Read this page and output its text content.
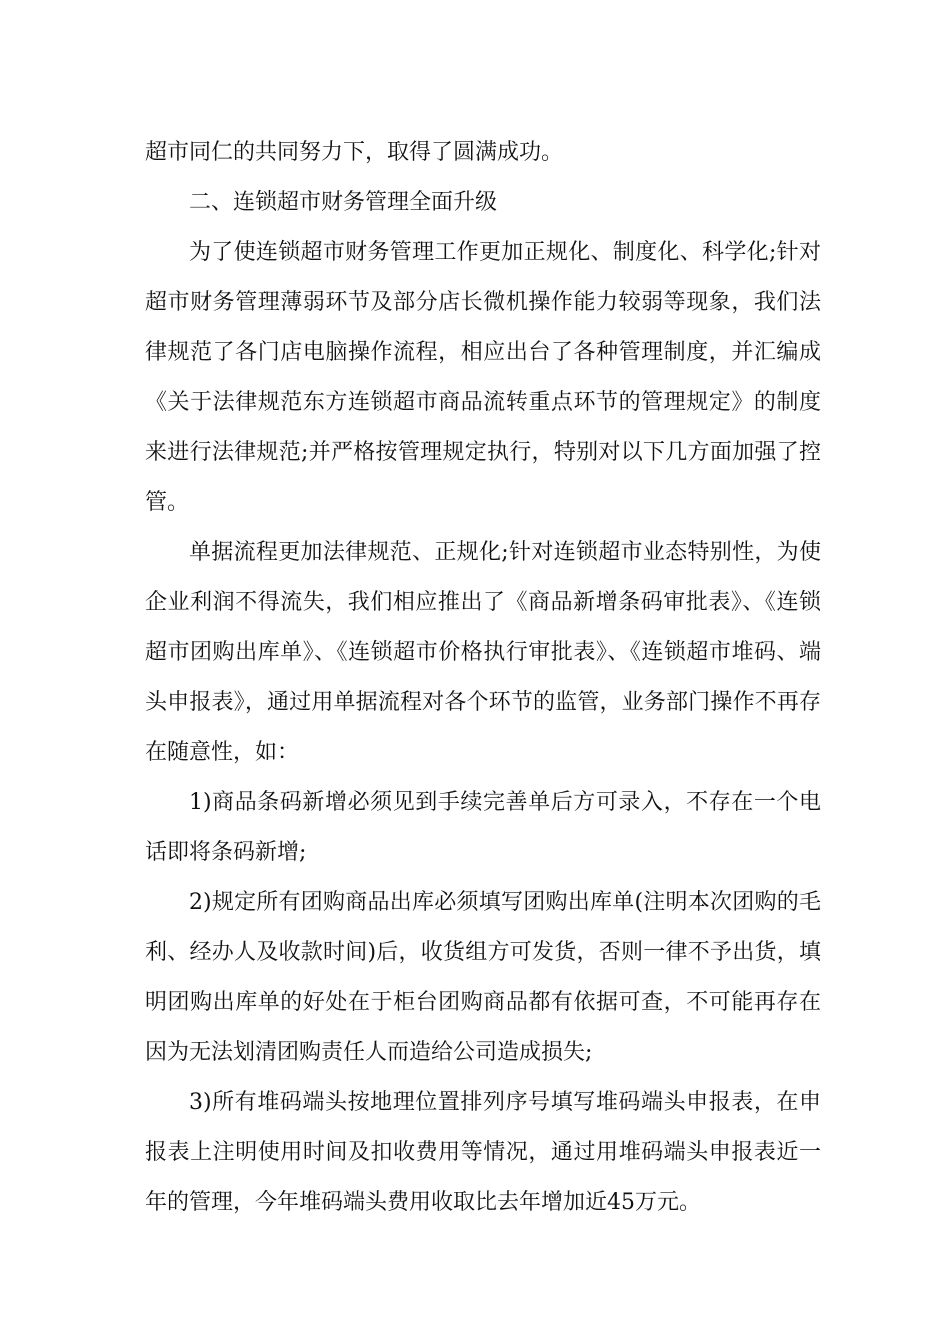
超市同仁的共同努力下，取得了圆满成功。

二、连锁超市财务管理全面升级

为了使连锁超市财务管理工作更加正规化、制度化、科学化;针对超市财务管理薄弱环节及部分店长微机操作能力较弱等现象，我们法律规范了各门店电脑操作流程，相应出台了各种管理制度，并汇编成《关于法律规范东方连锁超市商品流转重点环节的管理规定》的制度来进行法律规范;并严格按管理规定执行，特别对以下几方面加强了控管。

单据流程更加法律规范、正规化;针对连锁超市业态特别性，为使企业利润不得流失，我们相应推出了《商品新增条码审批表》、《连锁超市团购出库单》、《连锁超市价格执行审批表》、《连锁超市堆码、端头申报表》，通过用单据流程对各个环节的监管，业务部门操作不再存在随意性，如：

1)商品条码新增必须见到手续完善单后方可录入，不存在一个电话即将条码新增;

2)规定所有团购商品出库必须填写团购出库单(注明本次团购的毛利、经办人及收款时间)后，收货组方可发货，否则一律不予出货，填明团购出库单的好处在于柜台团购商品都有依据可查，不可能再存在因为无法划清团购责任人而造给公司造成损失;

3)所有堆码端头按地理位置排列序号填写堆码端头申报表，在申报表上注明使用时间及扣收费用等情况，通过用堆码端头申报表近一年的管理，今年堆码端头费用收取比去年增加近45万元。
